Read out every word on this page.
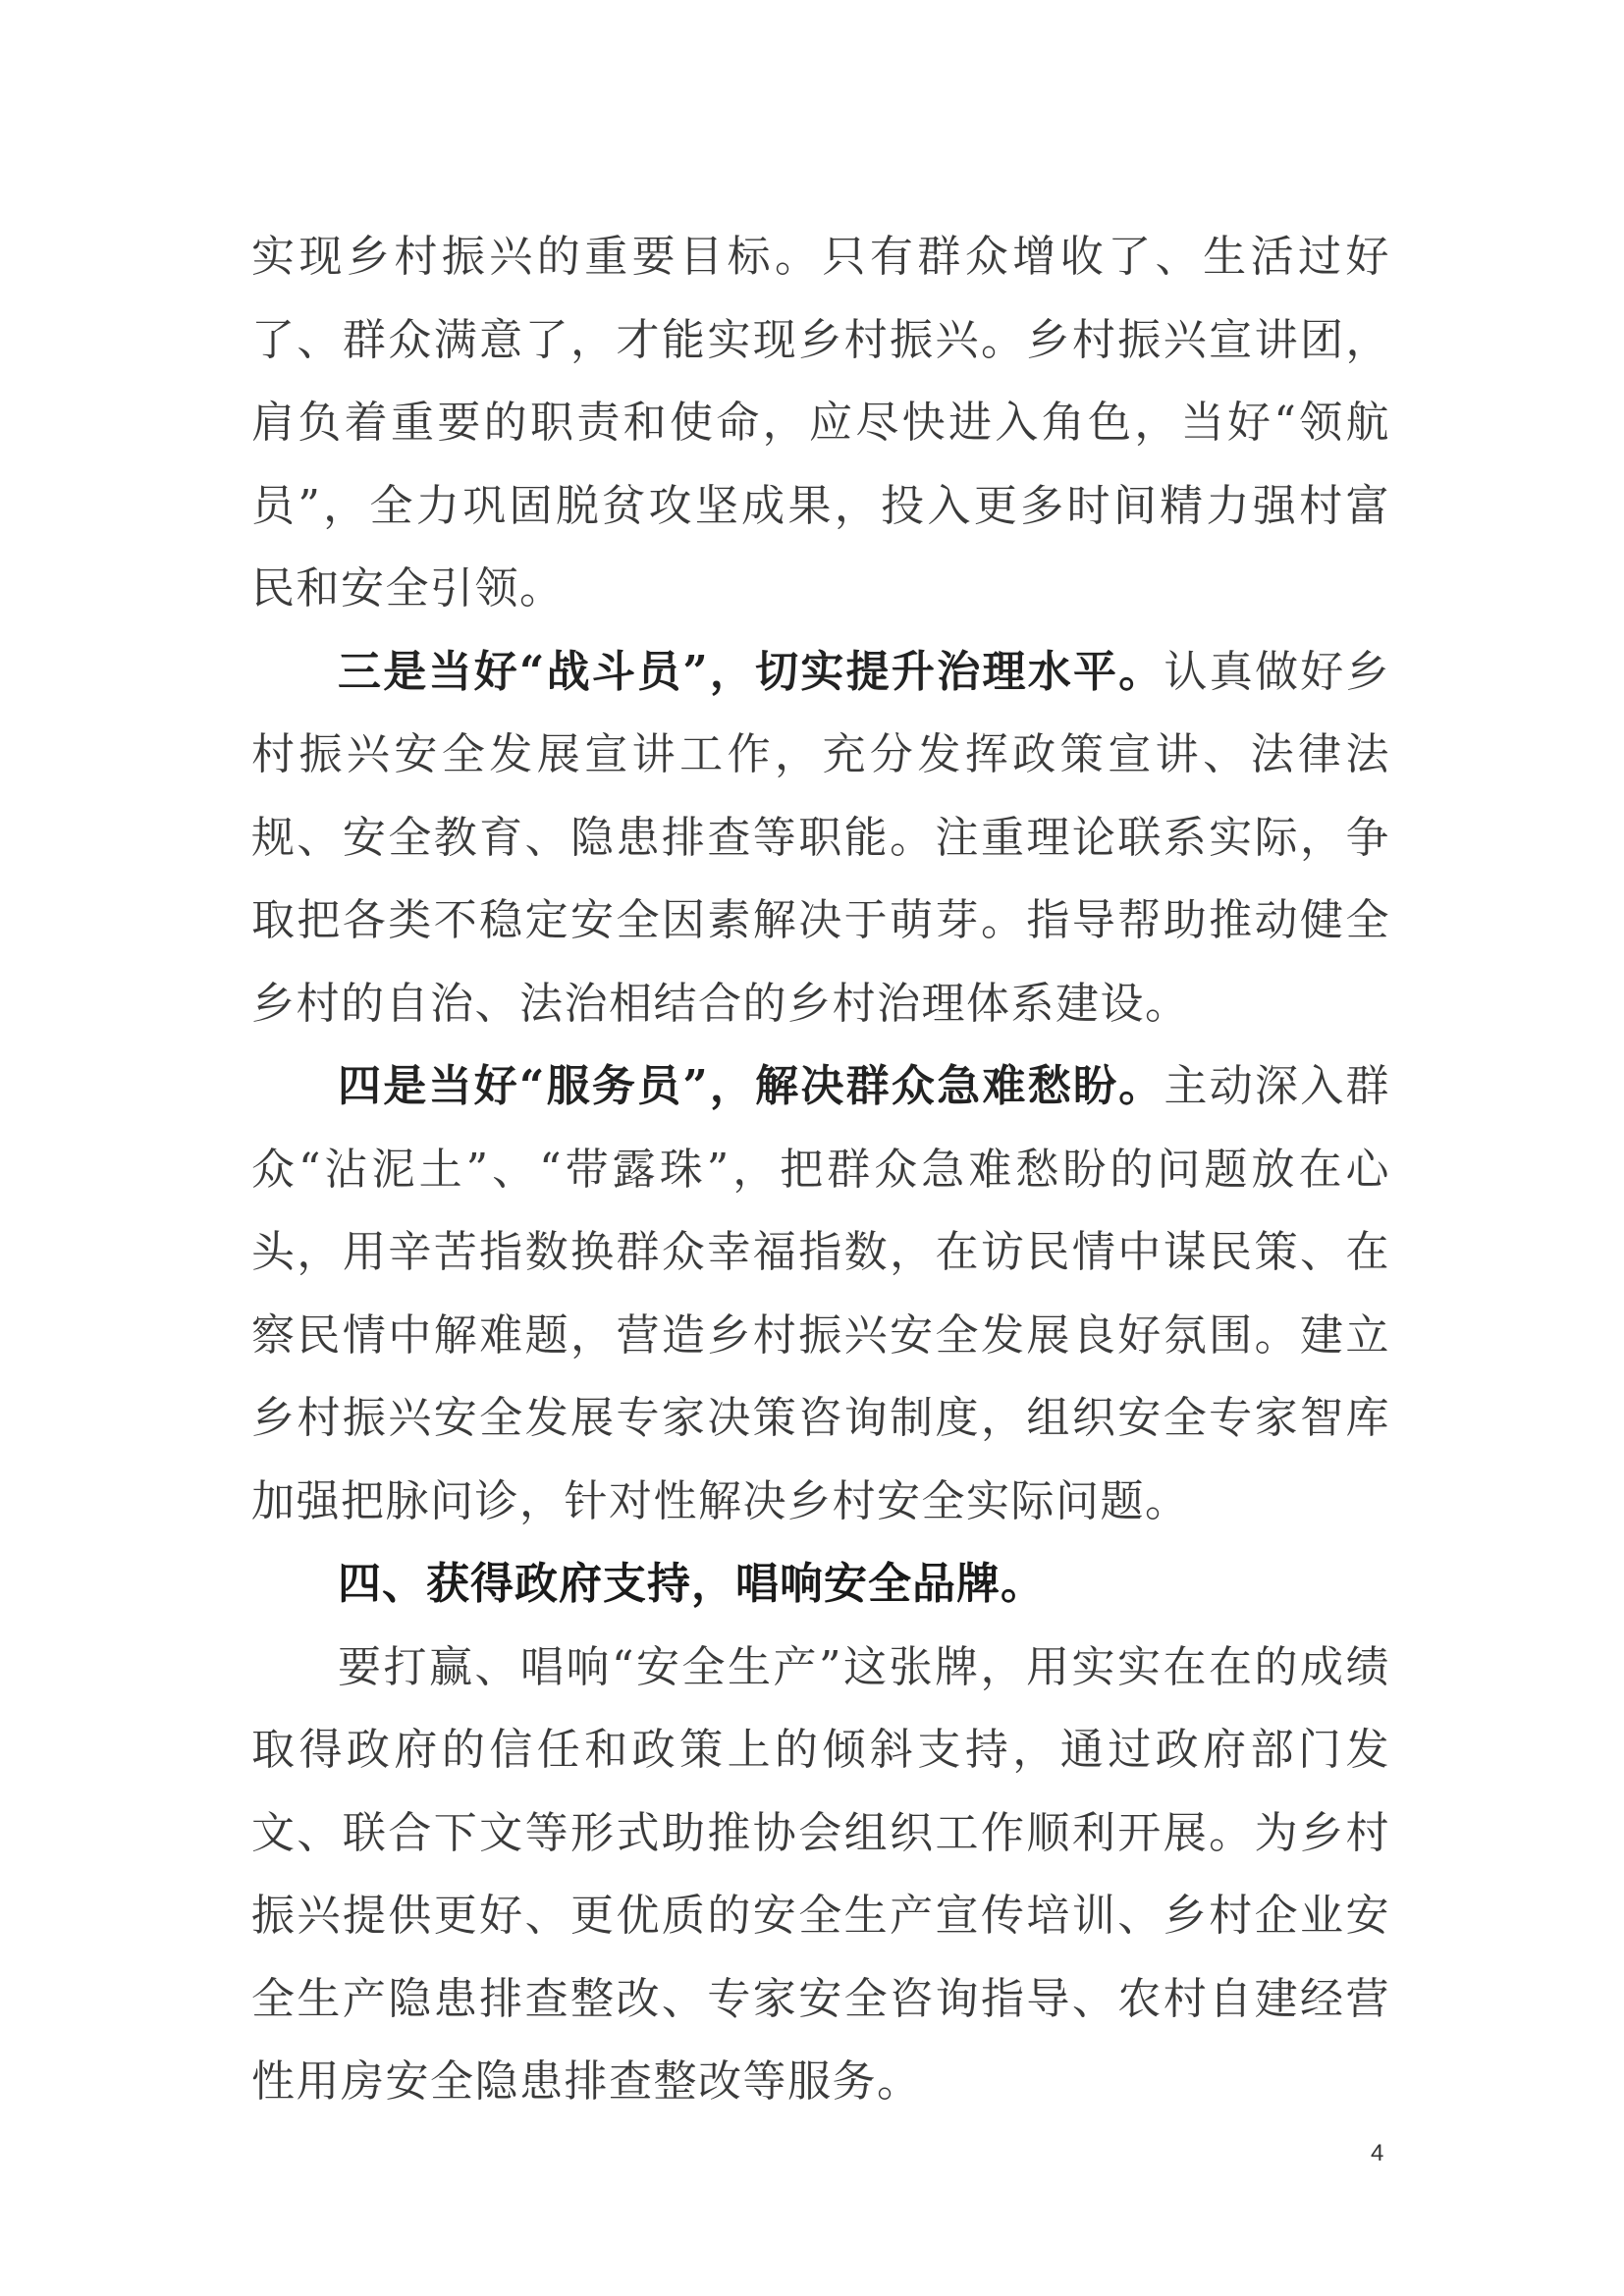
实现乡村振兴的重要目标。只有群众增收了、生活过好了、群众满意了，才能实现乡村振兴。乡村振兴宣讲团，肩负着重要的职责和使命，应尽快进入角色，当好“领航员”，全力巩固脱贫攻坚成果，投入更多时间精力强村富民和安全引领。

三是当好“战斗员”，切实提升治理水平。认真做好乡村振兴安全发展宣讲工作，充分发挥政策宣讲、法律法规、安全教育、隐患排查等职能。注重理论联系实际，争取把各类不稳定安全因素解决于萌芽。指导帮助推动健全乡村的自治、法治相结合的乡村治理体系建设。

四是当好“服务员”，解决群众急难愁盼。主动深入群众“沾泥土”、“带露珠”，把群众急难愁盼的问题放在心头，用辛苦指数换群众幸福指数，在访民情中谋民策、在察民情中解难题，营造乡村振兴安全发展良好氛围。建立乡村振兴安全发展专家决策咨询制度，组织安全专家智库加强把脉问诊，针对性解决乡村安全实际问题。

四、获得政府支持，唱响安全品牌。

要打赢、唱响“安全生产”这张牌，用实实在在的成绩取得政府的信任和政策上的倾斜支持，通过政府部门发文、联合下文等形式助推协会组织工作顺利开展。为乡村振兴提供更好、更优质的安全生产宣传培训、乡村企业安全生产隐患排查整改、专家安全咨询指导、农村自建经营性用房安全隐患排查整改等服务。

4
